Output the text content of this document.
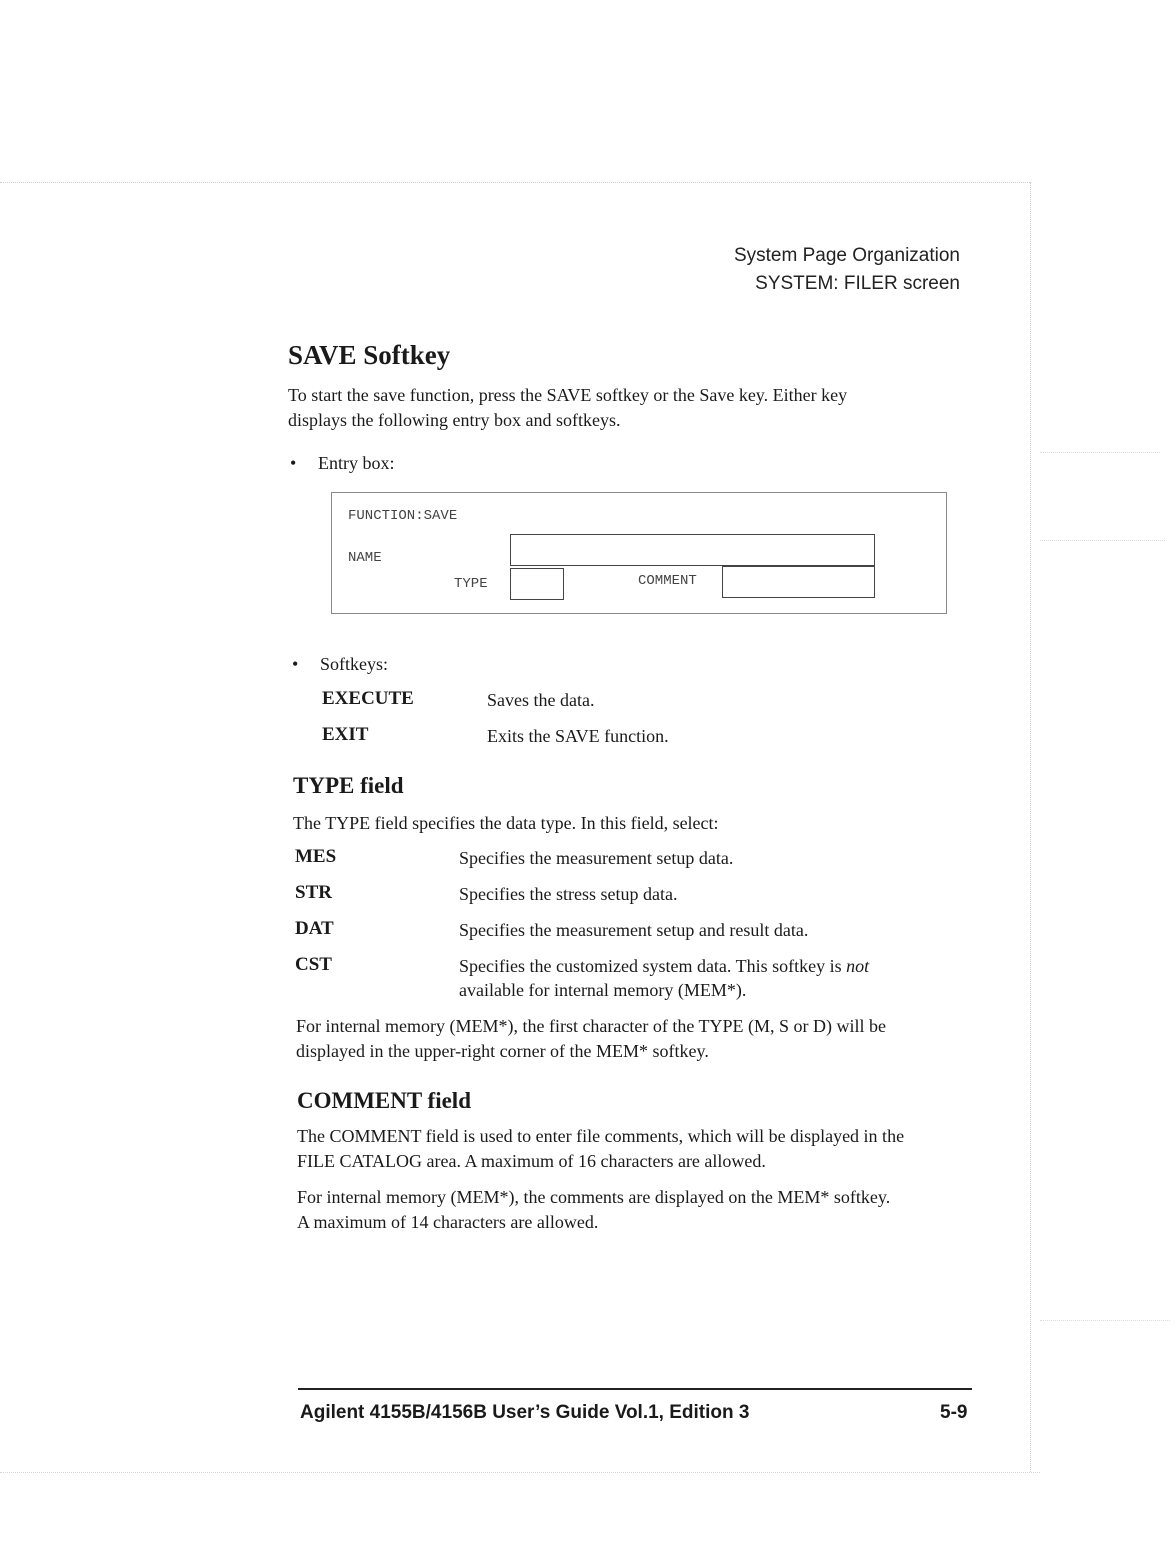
System Page Organization
SYSTEM: FILER screen
SAVE Softkey
To start the save function, press the SAVE softkey or the Save key. Either key
displays the following entry box and softkeys.
• Entry box:
FUNCTION:SAVE
NAME
TYPE	COMMENT
• Softkeys:
EXECUTE	Saves the data.
EXIT	Exits the SAVE function.
TYPE field
The TYPE field specifies the data type. In this field, select:
MES	Specifies the measurement setup data.
STR	Specifies the stress setup data.
DAT	Specifies the measurement setup and result data.
CST	Specifies the customized system data. This softkey is not
available for internal memory (MEM*).
For internal memory (MEM*), the first character of the TYPE (M, S or D) will be
displayed in the upper-right corner of the MEM* softkey.
COMMENT field
The COMMENT field is used to enter file comments, which will be displayed in the
FILE CATALOG area. A maximum of 16 characters are allowed.
For internal memory (MEM*), the comments are displayed on the MEM* softkey.
A maximum of 14 characters are allowed.
Agilent 4155B/4156B User’s Guide Vol.1, Edition 3	5-9
